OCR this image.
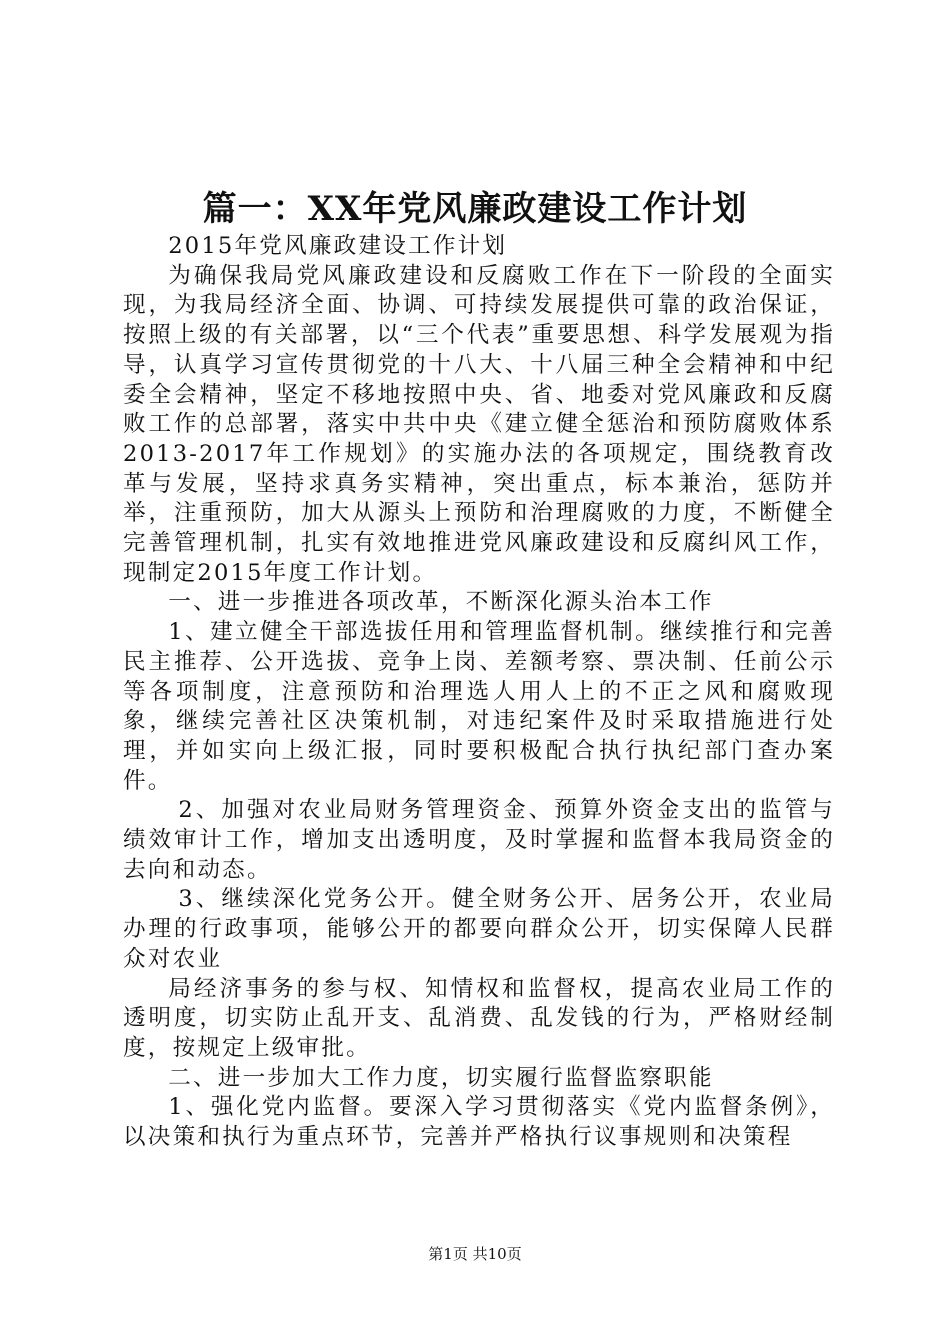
篇一：XX年党风廉政建设工作计划

2015年党风廉政建设工作计划

为确保我局党风廉政建设和反腐败工作在下一阶段的全面实现，为我局经济全面、协调、可持续发展提供可靠的政治保证，按照上级的有关部署，以“三个代表”重要思想、科学发展观为指导，认真学习宣传贯彻党的十八大、十八届三种全会精神和中纪委全会精神，坚定不移地按照中央、省、地委对党风廉政和反腐败工作的总部署，落实中共中央《建立健全惩治和预防腐败体系2013-2017年工作规划》的实施办法的各项规定，围绕教育改革与发展，坚持求真务实精神，突出重点，标本兼治，惩防并举，注重预防，加大从源头上预防和治理腐败的力度，不断健全完善管理机制，扎实有效地推进党风廉政建设和反腐纠风工作，现制定2015年度工作计划。

一、进一步推进各项改革，不断深化源头治本工作

1、建立健全干部选拔任用和管理监督机制。继续推行和完善民主推荐、公开选拔、竞争上岗、差额考察、票决制、任前公示等各项制度，注意预防和治理选人用人上的不正之风和腐败现象，继续完善社区决策机制，对违纪案件及时采取措施进行处理，并如实向上级汇报，同时要积极配合执行执纪部门查办案件。

2、加强对农业局财务管理资金、预算外资金支出的监管与绩效审计工作，增加支出透明度，及时掌握和监督本我局资金的去向和动态。

3、继续深化党务公开。健全财务公开、居务公开，农业局办理的行政事项，能够公开的都要向群众公开，切实保障人民群众对农业

局经济事务的参与权、知情权和监督权，提高农业局工作的透明度，切实防止乱开支、乱消费、乱发钱的行为，严格财经制度，按规定上级审批。

二、进一步加大工作力度，切实履行监督监察职能

1、强化党内监督。要深入学习贯彻落实《党内监督条例》，以决策和执行为重点环节，完善并严格执行议事规则和决策程

第1页 共10页
